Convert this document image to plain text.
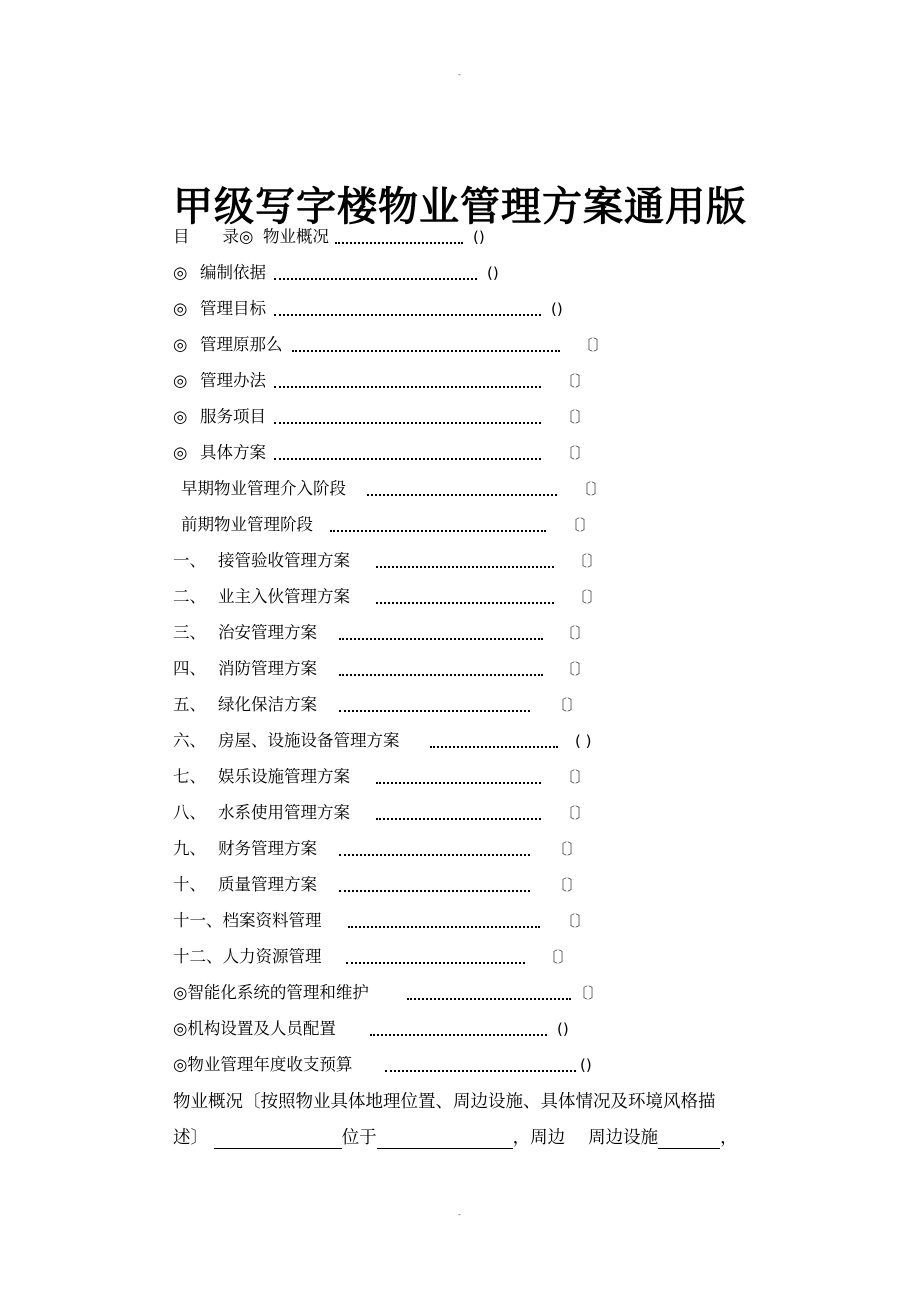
-
甲级写字楼物业管理方案通用版
目　　录◎ 物业概况	()
◎ 编制依据	()
◎ 管理目标	()
◎ 管理原那么	〔〕
◎ 管理办法	〔〕
◎ 服务项目	〔〕
◎ 具体方案	〔〕
早期物业管理介入阶段	〔〕
前期物业管理阶段	〔〕
一、 接管验收管理方案	〔〕
二、 业主入伙管理方案	〔〕
三、 治安管理方案	〔〕
四、 消防管理方案	〔〕
五、 绿化保洁方案	〔〕
六、 房屋、设施设备管理方案	( )
七、 娱乐设施管理方案	〔〕
八、 水系使用管理方案	〔〕
九、 财务管理方案	〔〕
十、 质量管理方案	〔〕
十一、档案资料管理	〔〕
十二、人力资源管理	〔〕
◎智能化系统的管理和维护	〔〕
◎机构设置及人员配置	()
◎物业管理年度收支预算	()
物业概况〔按照物业具体地理位置、周边设施、具体情况及环境风格描
述〕	位于	，周边　 周边设施	，
-
